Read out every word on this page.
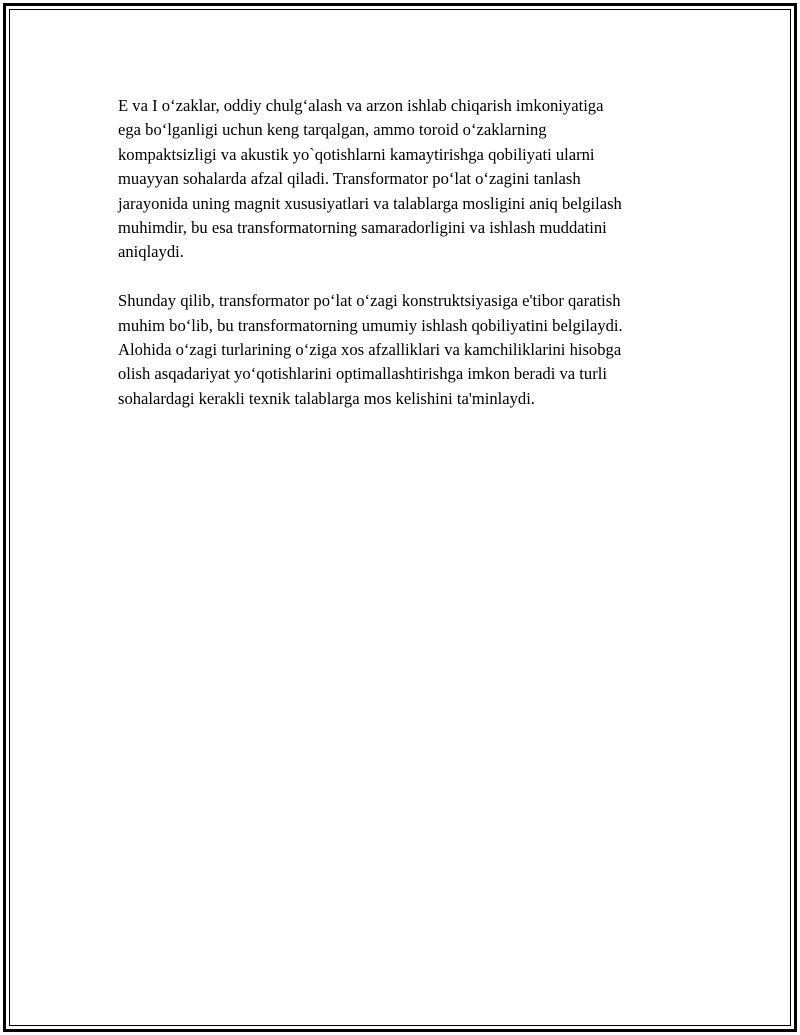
E va I o‘zaklar, oddiy chulg‘alash va arzon ishlab chiqarish imkoniyatiga
ega bo‘lganligi uchun keng tarqalgan, ammo toroid o‘zaklarning
kompaktsizligi va akustik yo`qotishlarni kamaytirishga qobiliyati ularni
muayyan sohalarda afzal qiladi. Transformator po‘lat o‘zagini tanlash
jarayonida uning magnit xususiyatlari va talablarga mosligini aniq belgilash
muhimdir, bu esa transformatorning samaradorligini va ishlash muddatini
aniqlaydi.

Shunday qilib, transformator po‘lat o‘zagi konstruktsiyasiga e'tibor qaratish
muhim bo‘lib, bu transformatorning umumiy ishlash qobiliyatini belgilaydi.
Alohida o‘zagi turlarining o‘ziga xos afzalliklari va kamchiliklarini hisobga
olish asqadariyat yo‘qotishlarini optimallashtirishga imkon beradi va turli
sohalardagi kerakli texnik talablarga mos kelishini ta'minlaydi.
